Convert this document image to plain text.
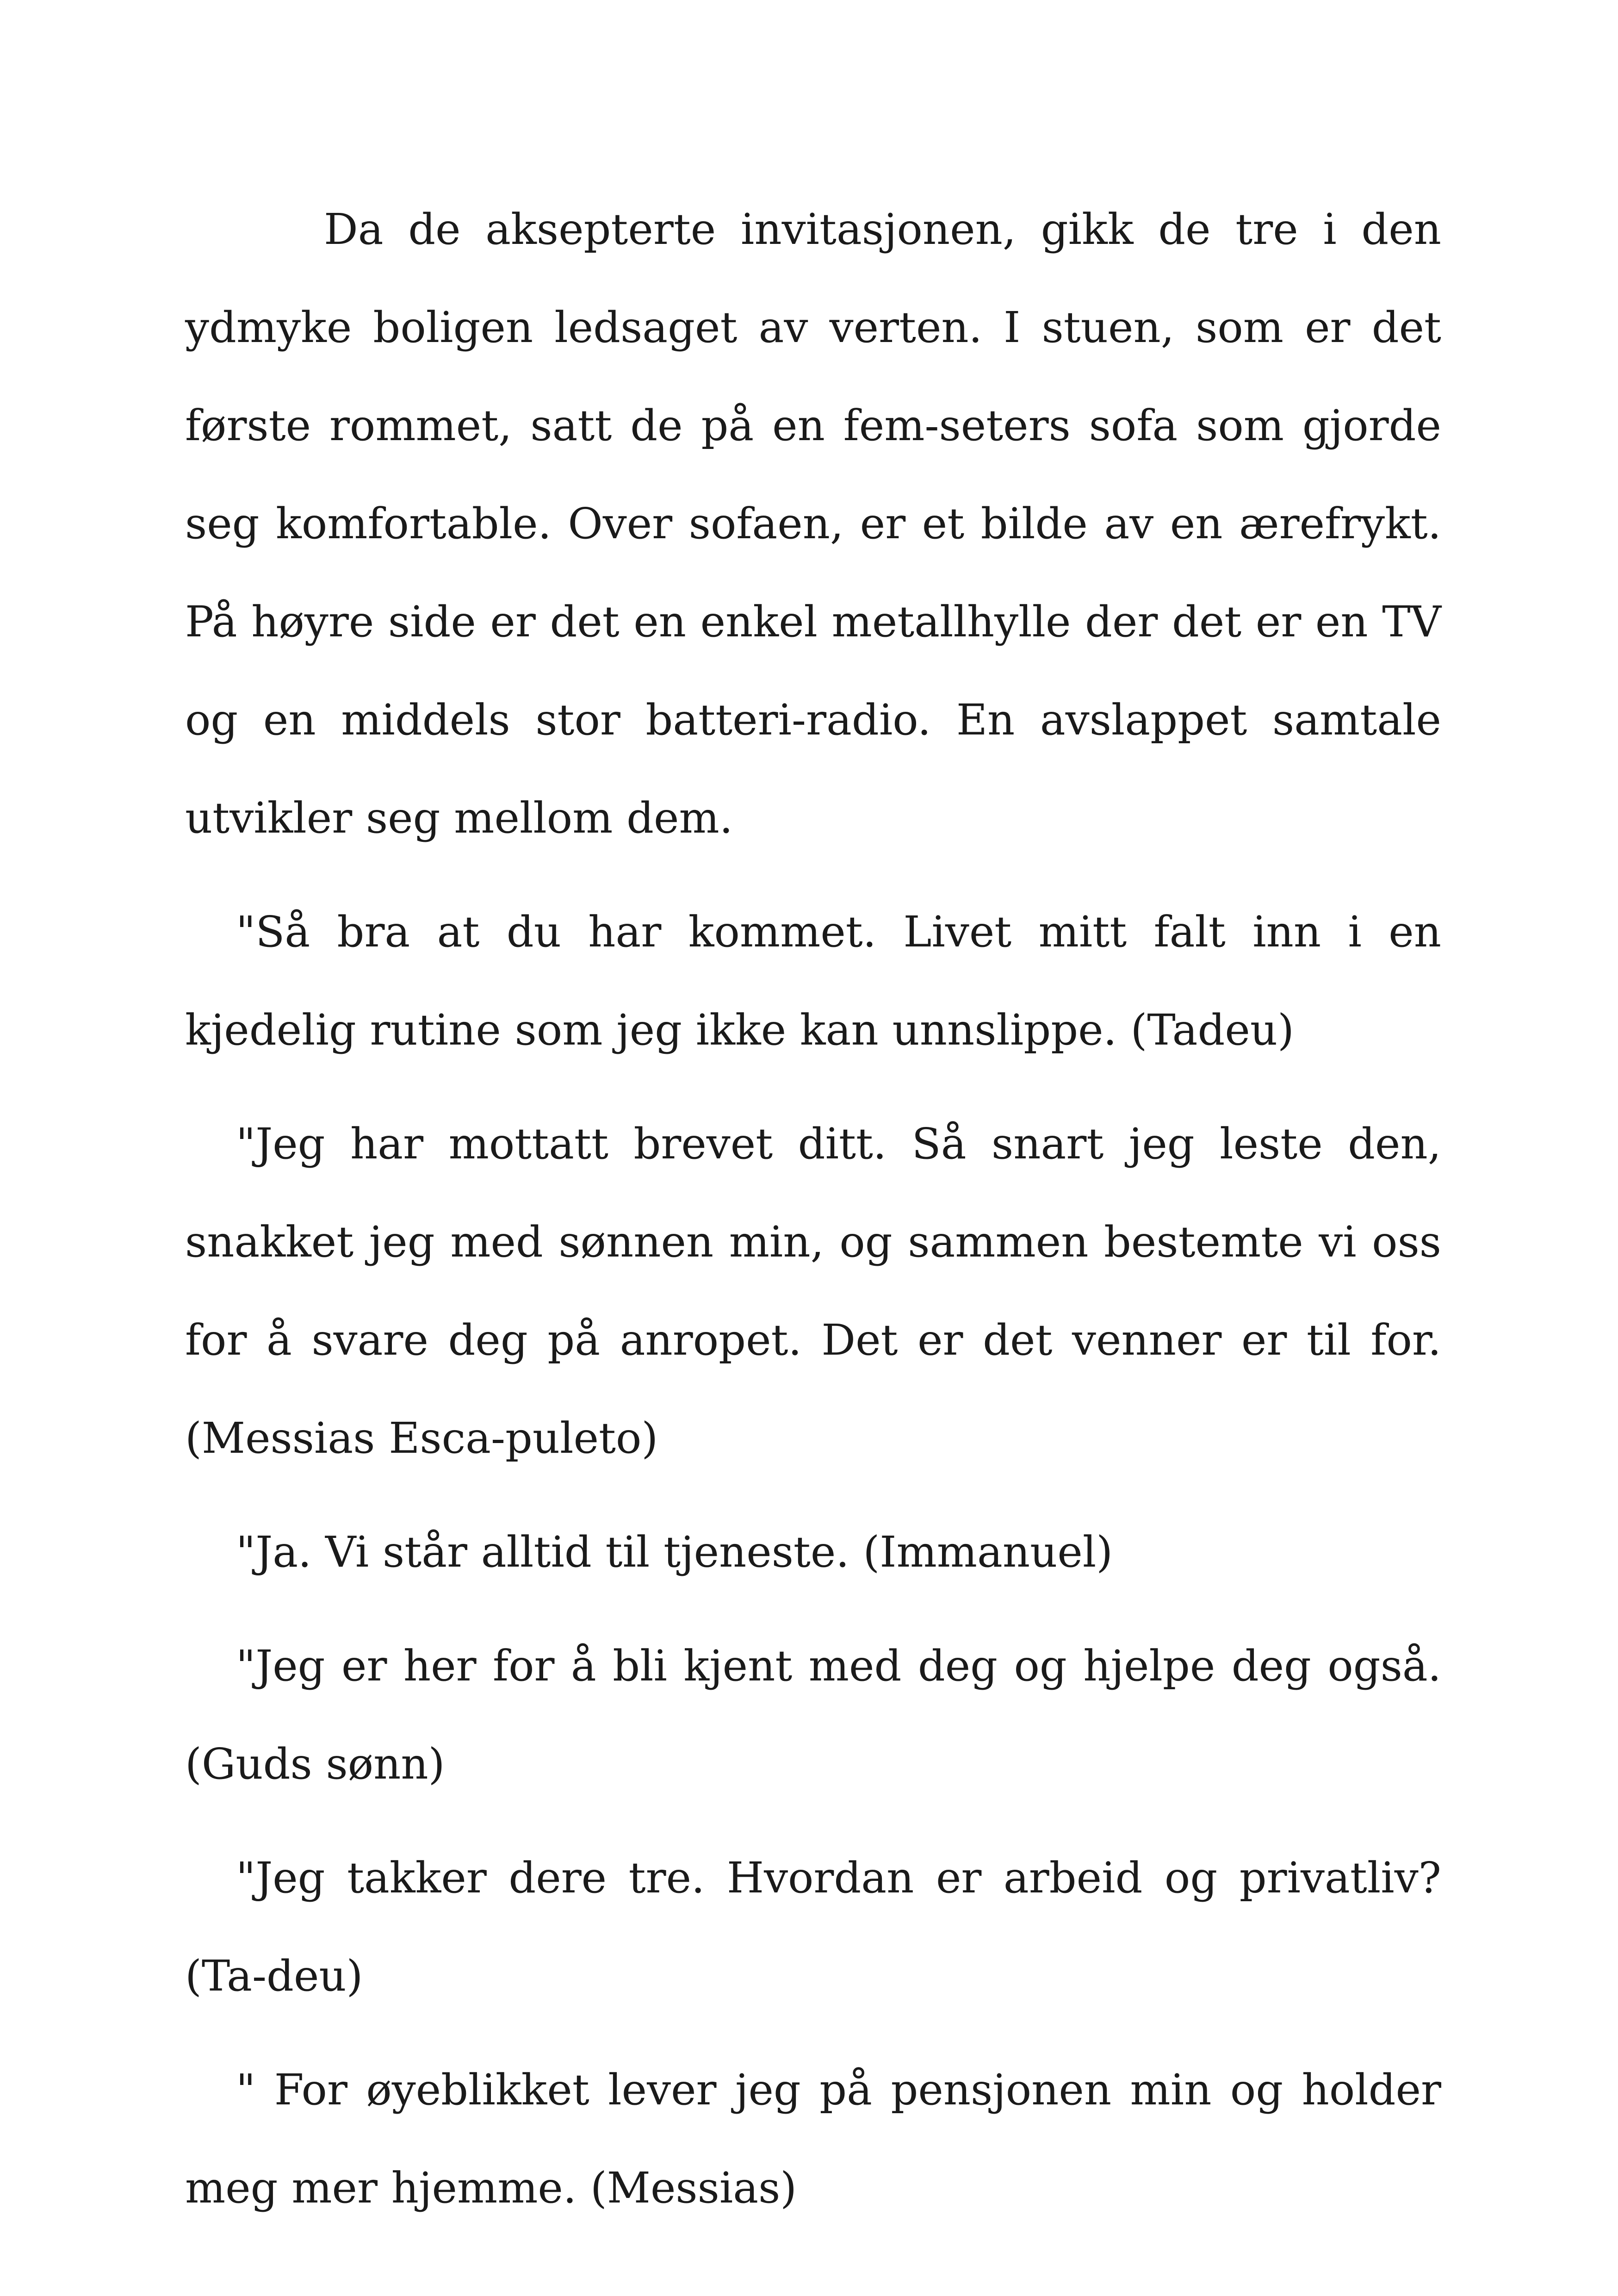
Da de aksepterte invitasjonen, gikk de tre i den ydmyke boligen ledsaget av verten. I stuen, som er det første rommet, satt de på en fem-seters sofa som gjorde seg komfortable. Over sofaen, er et bilde av en ærefrykt. På høyre side er det en enkel metallhylle der det er en TV og en middels stor batteri-radio. En avslappet samtale utvikler seg mellom dem.

"Så bra at du har kommet. Livet mitt falt inn i en kjedelig rutine som jeg ikke kan unnslippe. (Tadeu)

"Jeg har mottatt brevet ditt. Så snart jeg leste den, snakket jeg med sønnen min, og sammen bestemte vi oss for å svare deg på anropet. Det er det venner er til for. (Messias Esca-puleto)

"Ja. Vi står alltid til tjeneste. (Immanuel)

"Jeg er her for å bli kjent med deg og hjelpe deg også. (Guds sønn)

"Jeg takker dere tre. Hvordan er arbeid og privatliv? (Ta-deu)

" For øyeblikket lever jeg på pensjonen min og holder meg mer hjemme. (Messias)
